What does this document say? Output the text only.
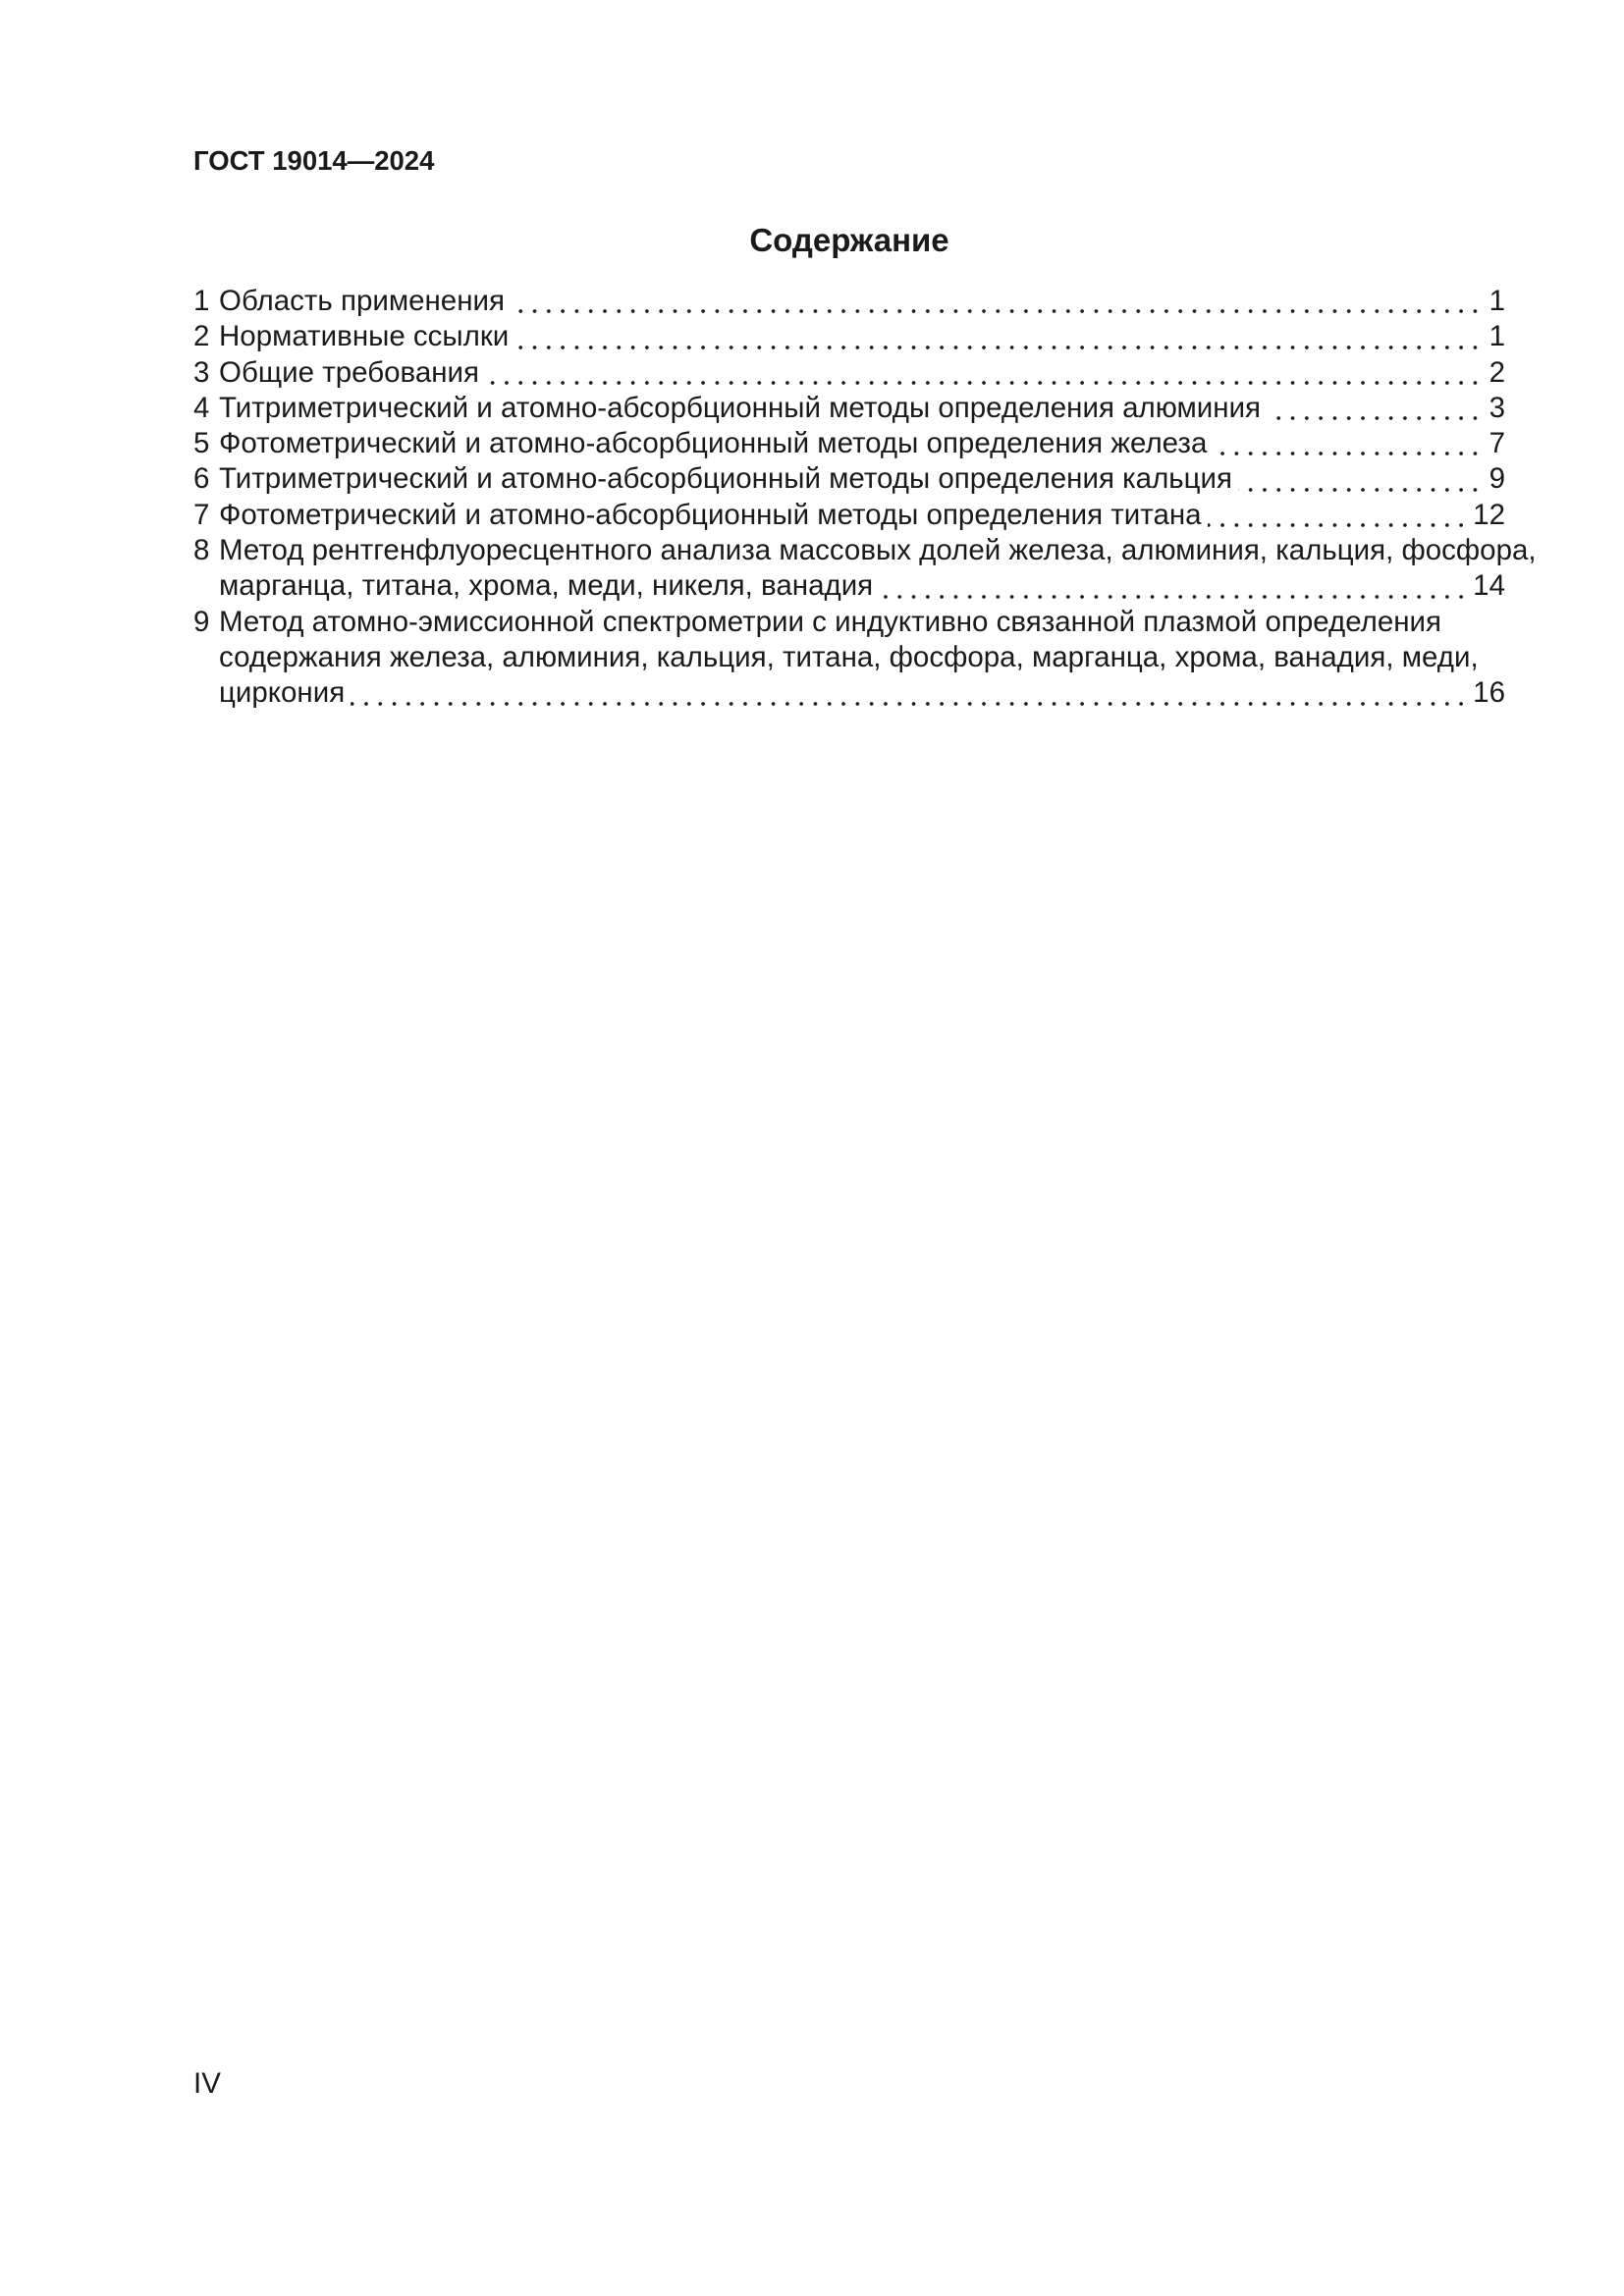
ГОСТ 19014—2024
Содержание
1 Область применения	1
2 Нормативные ссылки	1
3 Общие требования	2
4 Титриметрический и атомно-абсорбционный методы определения алюминия	3
5 Фотометрический и атомно-абсорбционный методы определения железа	7
6 Титриметрический и атомно-абсорбционный методы определения кальция	9
7 Фотометрический и атомно-абсорбционный методы определения титана	12
8 Метод рентгенфлуоресцентного анализа массовых долей железа, алюминия, кальция, фосфора,
марганца, титана, хрома, меди, никеля, ванадия	14
9 Метод атомно-эмиссионной спектрометрии с индуктивно связанной плазмой определения
содержания железа, алюминия, кальция, титана, фосфора, марганца, хрома, ванадия, меди,
циркония	16
IV
